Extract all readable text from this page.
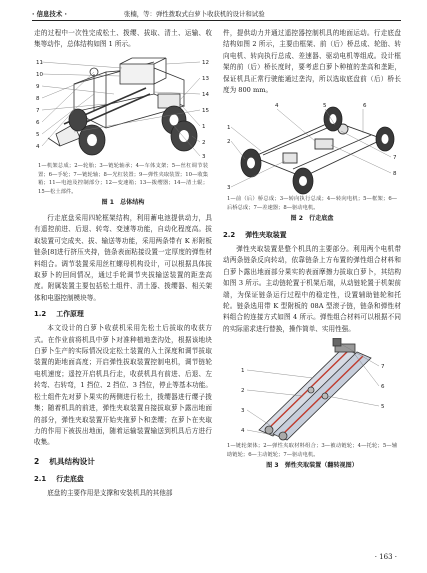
· 信息技术 ·	张楠，等：弹性拨取式白萝卜收获机的设计和试验

走的过程中一次性完成松土、拨缨、拔取、清土、运输、收集等动作，总体结构如图 1 所示。

11
10
9
8
7
6
5
4
12
13
14
15
1
2
3
1—机架总成；2—轮胎；3—链轮轴承；4—车体支架；5—丝杠调节装置；6—手轮；7—链轮轴；8—光杠装置；9—弹性夹取装置；10—收集箱；11—电池及控制部分；12—变速箱；13—拨缨器；14—清土辊；15—松土部件。
图 1　总体结构

行走底盘采用四轮框架结构，利用蓄电池提供动力，具有遥控前进、后退、转弯、变速等功能，自动化程度高。拔取装置可完成夹、拔、输送等功能，采用两条带有 K 形附板链条[8]进行挤压夹持，链条表面粘接设置一定厚度的弹性材料组合。调节装置采用丝杠螺母机构设计，可以根据具体拔取萝卜的回间情况，通过手轮调节夹拔输送装置的距垄高度。附属装置主要包括松土组件、清土器、拨缨器、相关架体和电器控制模块等。

1.2 工作原理

本文设计的白萝卜收获机采用先松土后拔取的收获方式。在作业前将机具中萝卜对准种植地垄沟处，根据该地块白萝卜生产的实际情况设定松土装置的入土深度和调节拔取装置的距地面高度；开启弹性拔取装置控制电机，调节链轮电机速度；遥控开启机具行走，收获机具有前进、后退、左转弯、右转弯，1 挡位、2 挡位、3 挡位，停止等基本功能。松土组件先对萝卜果实的两侧进行松土，拨缨器进行缨子拨集；随着机具的前进，弹性夹取装置自接拔取萝卜露出地面的部分，弹性夹取装置开始夹拖萝卜和垄缨；在萝卜在夹取力的作用下被拔出地面，随着运输装置输送到机具后方进行收集。

2 机具结构设计
2.1 行走底盘

底盘的主要作用是支撑和安装机具的其他部

件，提供动力并通过遥控器控制机具的地面运动。行走底盘结构如图 2 所示，主要由框架、前（后）桥总成、轮胎、转向电机、转向执行总成、差速器、驱动电机等组成。设计框架的前（后）桥长度时，要考虑白萝卜种植的垄高和垄距，保证机具正常行驶能通过垄沟，所以选取底盘前（后）桥长度为 800 mm。

1
2
3
4	5	6
7
8
1—前（后）桥总成；3—转向执行总成；4—转向电机；5—框架；6—后桥总成；7—差速器；8—驱动电机。
图 2　行走底盘
2.2 弹性夹取装置

弹性夹取装置是整个机具的主要部分。利用两个电机带动两条链条反向转动，依靠链条上方布置的弹性组合材料和白萝卜露出地面部分果实的表面摩擦力拔取白萝卜，其结构如图 3 所示。主动链轮置于机架后端，从动链轮置于机架前端，为保证链条运行过程中的稳定性，设置辅助链轮和托轮。链条选用带 K 型附板的 08A 型滚子链，链条和弹性材料组合的连接方式如图 4 所示。弹性组合材料可以根据不同的实际需求进行替换，操作简单、实用性强。

1
2
3
4
7
6
5
1—链轮架体；2—弹性夹取材料组合；3—被动链轮；4—托轮；5—辅助链轮；6—主动链轮；7—驱动电机。
图 3　弹性夹取装置（翻转视图）
· 163 ·
